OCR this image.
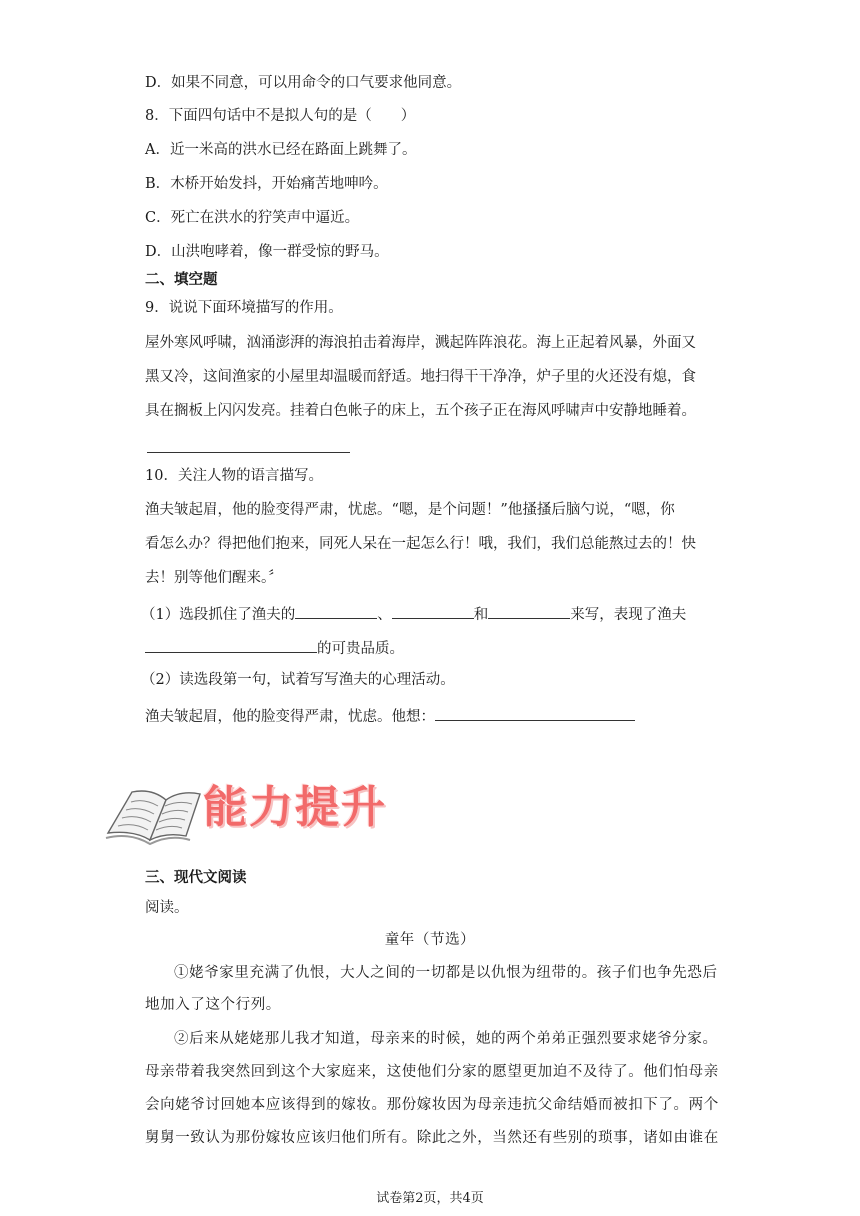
D．如果不同意，可以用命令的口气要求他同意。
8．下面四句话中不是拟人句的是（　　）
A．近一米高的洪水已经在路面上跳舞了。
B．木桥开始发抖，开始痛苦地呻吟。
C．死亡在洪水的狞笑声中逼近。
D．山洪咆哮着，像一群受惊的野马。
二、填空题
9．说说下面环境描写的作用。
屋外寒风呼啸，汹涌澎湃的海浪拍击着海岸，溅起阵阵浪花。海上正起着风暴，外面又
黑又冷，这间渔家的小屋里却温暖而舒适。地扫得干干净净，炉子里的火还没有熄，食
具在搁板上闪闪发亮。挂着白色帐子的床上，五个孩子正在海风呼啸声中安静地睡着。
10．关注人物的语言描写。
渔夫皱起眉，他的脸变得严肃，忧虑。“嗯，是个问题！”他搔搔后脑勺说，“嗯，你
看怎么办？得把他们抱来，同死人呆在一起怎么行！哦，我们，我们总能熬过去的！快
去！别等他们醒来。〞
（1）选段抓住了渔夫的	、	和	来写，表现了渔夫
的可贵品质。
（2）读选段第一句，试着写写渔夫的心理活动。
渔夫皱起眉，他的脸变得严肃，忧虑。他想：
能力提升
三、现代文阅读
阅读。
童年（节选）
①姥爷家里充满了仇恨，大人之间的一切都是以仇恨为纽带的。孩子们也争先恐后
地加入了这个行列。
②后来从姥姥那儿我才知道，母亲来的时候，她的两个弟弟正强烈要求姥爷分家。
母亲带着我突然回到这个大家庭来，这使他们分家的愿望更加迫不及待了。他们怕母亲
会向姥爷讨回她本应该得到的嫁妆。那份嫁妆因为母亲违抗父命结婚而被扣下了。两个
舅舅一致认为那份嫁妆应该归他们所有。除此之外，当然还有些别的琐事，诸如由谁在
试卷第2页，共4页
